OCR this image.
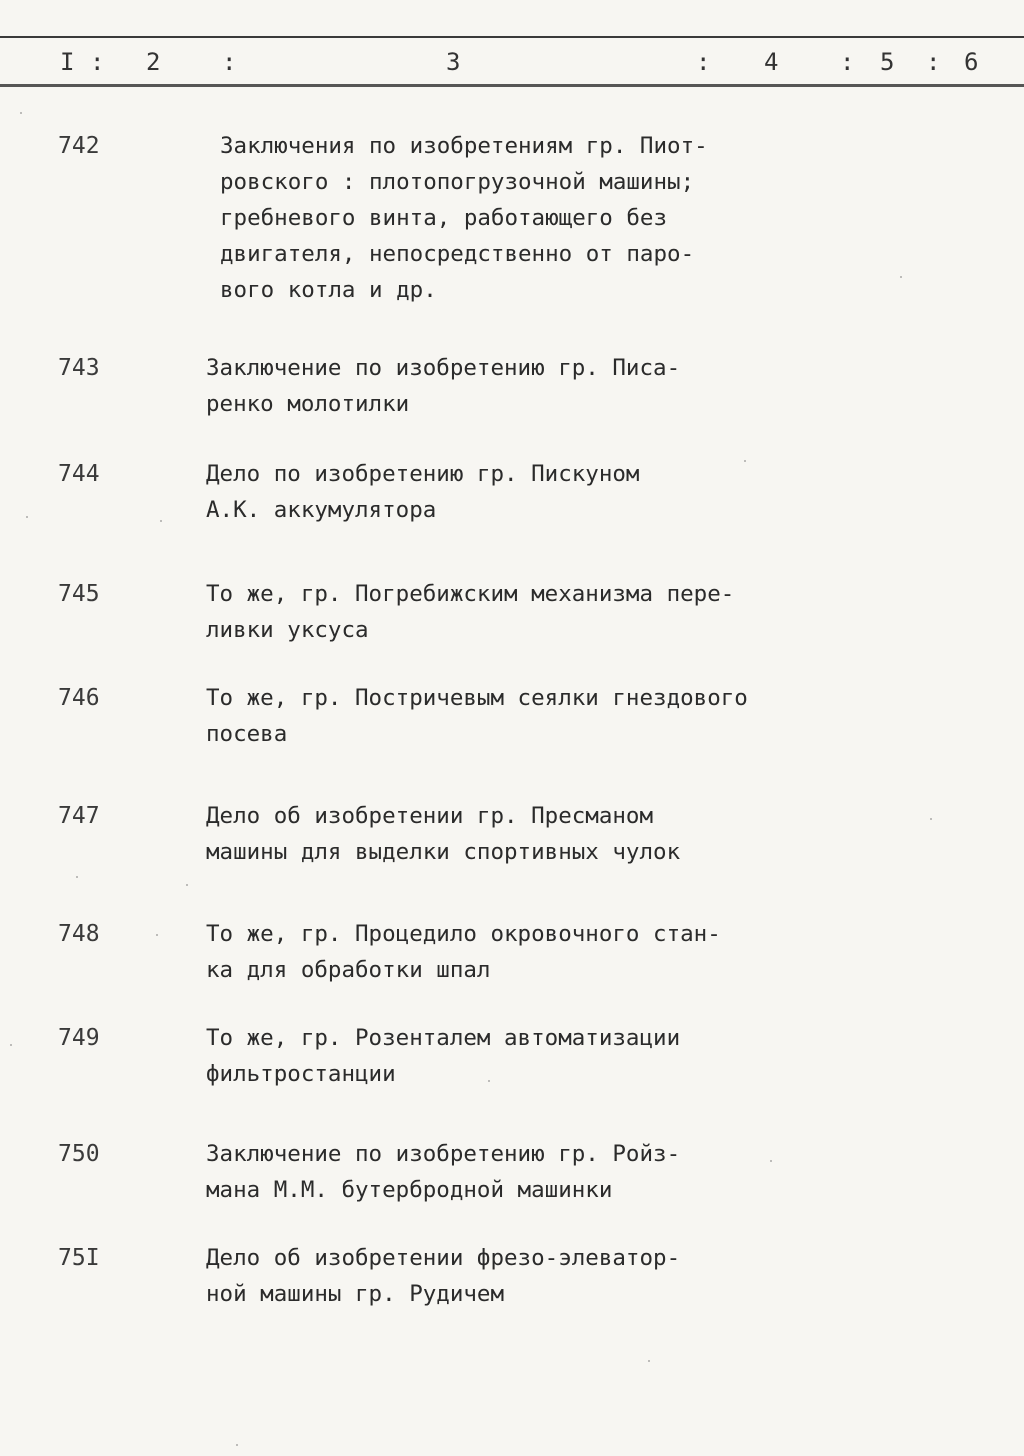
I : 2	:	3	: 4	: 5 : 6
742	Заключения по изобретениям гр. Пиот-
ровского : плотопогрузочной машины;
гребневого винта, работающего без
двигателя, непосредственно от паро-
вого котла и др.
743	Заключение по изобретению гр. Писа-
ренко молотилки
744	Дело по изобретению гр. Пискуном
А.К. аккумулятора
745	То же, гр. Погребижским механизма пере-
ливки уксуса
746	То же, гр. Постричевым сеялки гнездового
посева
747	Дело об изобретении гр. Пресманом
машины для выделки спортивных чулок
748	То же, гр. Процедило окровочного стан-
ка для обработки шпал
749	То же, гр. Розенталем автоматизации
фильтростанции
750	Заключение по изобретению гр. Ройз-
мана М.М. бутербродной машинки
75I	Дело об изобретении фрезо-элеватор-
ной машины гр. Рудичем
